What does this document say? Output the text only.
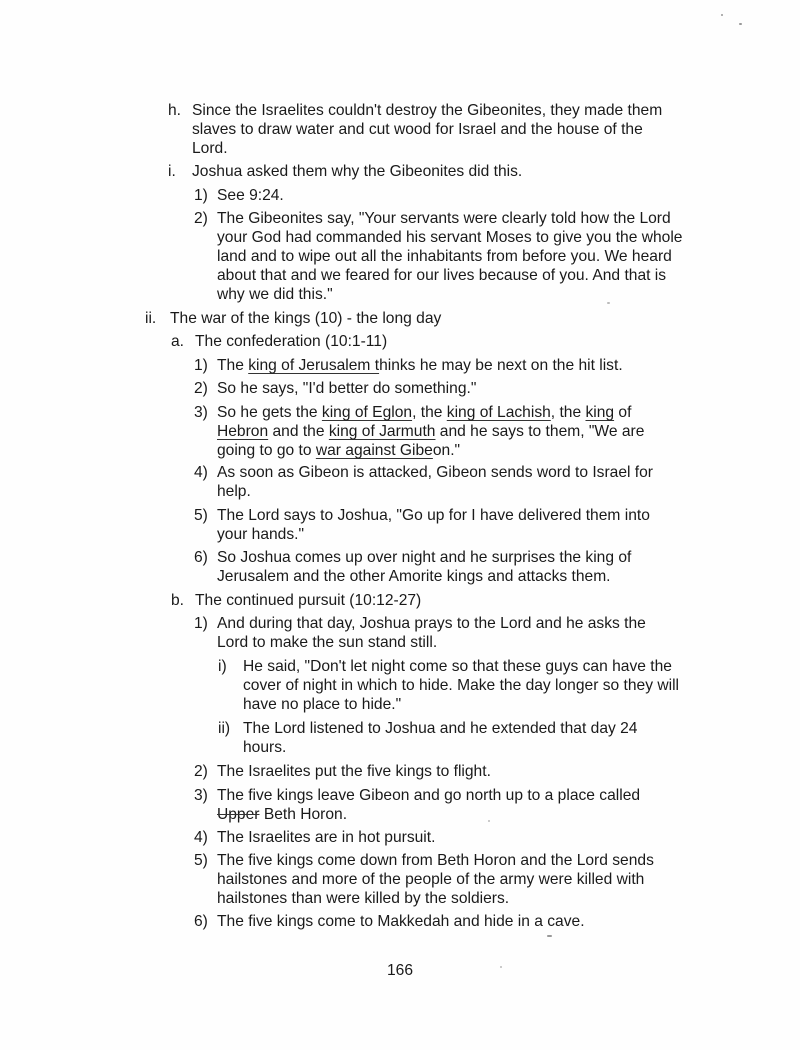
h. Since the Israelites couldn't destroy the Gibeonites, they made them
slaves to draw water and cut wood for Israel and the house of the
Lord.
i. Joshua asked them why the Gibeonites did this.
1) See 9:24.
2) The Gibeonites say, "Your servants were clearly told how the Lord
your God had commanded his servant Moses to give you the whole
land and to wipe out all the inhabitants from before you. We heard
about that and we feared for our lives because of you. And that is
why we did this."
ii. The war of the kings (10) - the long day
a. The confederation (10:1-11)
1) The king of Jerusalem thinks he may be next on the hit list.
2) So he says, "I'd better do something."
3) So he gets the king of Eglon, the king of Lachish, the king of
Hebron and the king of Jarmuth and he says to them, "We are
going to go to war against Gibeon."
4) As soon as Gibeon is attacked, Gibeon sends word to Israel for
help.
5) The Lord says to Joshua, "Go up for I have delivered them into
your hands."
6) So Joshua comes up over night and he surprises the king of
Jerusalem and the other Amorite kings and attacks them.
b. The continued pursuit (10:12-27)
1) And during that day, Joshua prays to the Lord and he asks the
Lord to make the sun stand still.
i) He said, "Don't let night come so that these guys can have the
cover of night in which to hide. Make the day longer so they will
have no place to hide."
ii) The Lord listened to Joshua and he extended that day 24
hours.
2) The Israelites put the five kings to flight.
3) The five kings leave Gibeon and go north up to a place called
Upper Beth Horon.
4) The Israelites are in hot pursuit.
5) The five kings come down from Beth Horon and the Lord sends
hailstones and more of the people of the army were killed with
hailstones than were killed by the soldiers.
6) The five kings come to Makkedah and hide in a cave.
166
